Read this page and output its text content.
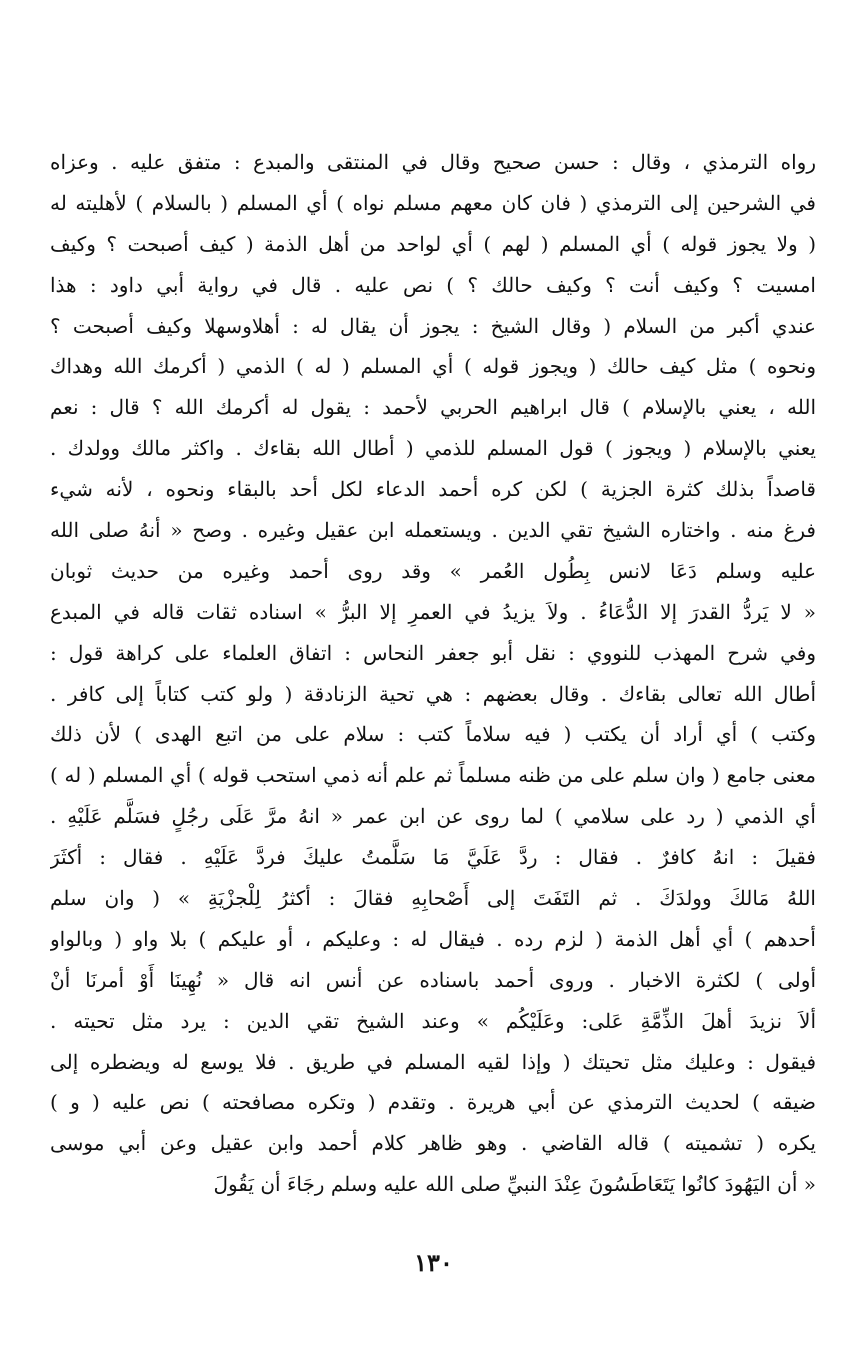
رواه الترمذي ، وقال : حسن صحيح وقال في المنتقى والمبدع : متفق عليه . وعزاه
في الشرحين إلى الترمذي ( فان كان معهم مسلم نواه ) أي المسلم ( بالسلام ) لأهليته له
( ولا يجوز قوله ) أي المسلم ( لهم ) أي لواحد من أهل الذمة ( كيف أصبحت ؟ وكيف
امسيت ؟ وكيف أنت ؟ وكيف حالك ؟ ) نص عليه . قال في رواية أبي داود : هذا
عندي أكبر من السلام ( وقال الشيخ : يجوز أن يقال له : أهلاوسهلا وكيف أصبحت ؟
ونحوه ) مثل كيف حالك ( ويجوز قوله ) أي المسلم ( له ) الذمي ( أكرمك الله وهداك
الله ، يعني بالإسلام ) قال ابراهيم الحربي لأحمد : يقول له أكرمك الله ؟ قال : نعم
يعني بالإسلام ( ويجوز ) قول المسلم للذمي ( أطال الله بقاءك . واكثر مالك وولدك .
قاصداً بذلك كثرة الجزية ) لكن كره أحمد الدعاء لكل أحد بالبقاء ونحوه ، لأنه شيء
فرغ منه . واختاره الشيخ تقي الدين . ويستعمله ابن عقيل وغيره . وصح « أنهُ صلى الله
عليه وسلم دَعَا لانس بِطُول العُمر » وقد روى أحمد وغيره من حديث ثوبان
« لا يَردُّ القدرَ إلا الدُّعَاءُ . ولاَ يزيدُ في العمرِ إلا البرُّ » اسناده ثقات قاله في المبدع
وفي شرح المهذب للنووي : نقل أبو جعفر النحاس : اتفاق العلماء على كراهة قول :
أطال الله تعالى بقاءك . وقال بعضهم : هي تحية الزنادقة ( ولو كتب كتاباً إلى كافر .
وكتب ) أي أراد أن يكتب ( فيه سلاماً كتب : سلام على من اتبع الهدى ) لأن ذلك
معنى جامع ( وان سلم على من ظنه مسلماً ثم علم أنه ذمي استحب قوله ) أي المسلم ( له )
أي الذمي ( رد على سلامي ) لما روى عن ابن عمر « انهُ مرَّ عَلَى رجُلٍ فسَلَّم عَلَيْهِ .
فقيلَ : انهُ كافرٌ . فقال : ردَّ عَلَيَّ مَا سَلَّمتُ عليكَ فردَّ عَلَيْهِ . فقال : أكثَرَ
اللهُ مَالكَ وولدَكَ . ثم التَفَتَ إلى أَصْحابِهِ فقالَ : أكثرُ لِلْجزْيَةِ » ( وان سلم
أحدهم ) أي أهل الذمة ( لزم رده . فيقال له : وعليكم ، أو عليكم ) بلا واو ( وبالواو
أولى ) لكثرة الاخبار . وروى أحمد باسناده عن أنس انه قال « نُهِينَا أَوْ أمرنَا أنْ
ألاَ نزيدَ أهلَ الذِّمَّةِ عَلى: وعَلَيْكُم » وعند الشيخ تقي الدين : يرد مثل تحيته .
فيقول : وعليك مثل تحيتك ( وإذا لقيه المسلم في طريق . فلا يوسع له ويضطره إلى
ضيقه ) لحديث الترمذي عن أبي هريرة . وتقدم ( وتكره مصافحته ) نص عليه ( و )
يكره ( تشميته ) قاله القاضي . وهو ظاهر كلام أحمد وابن عقيل وعن أبي موسى
« أن اليَهُودَ كانُوا يَتَعَاطَسُونَ عِنْدَ النبيِّ صلى الله عليه وسلم رجَاءَ أن يَقُولَ
١٣٠
